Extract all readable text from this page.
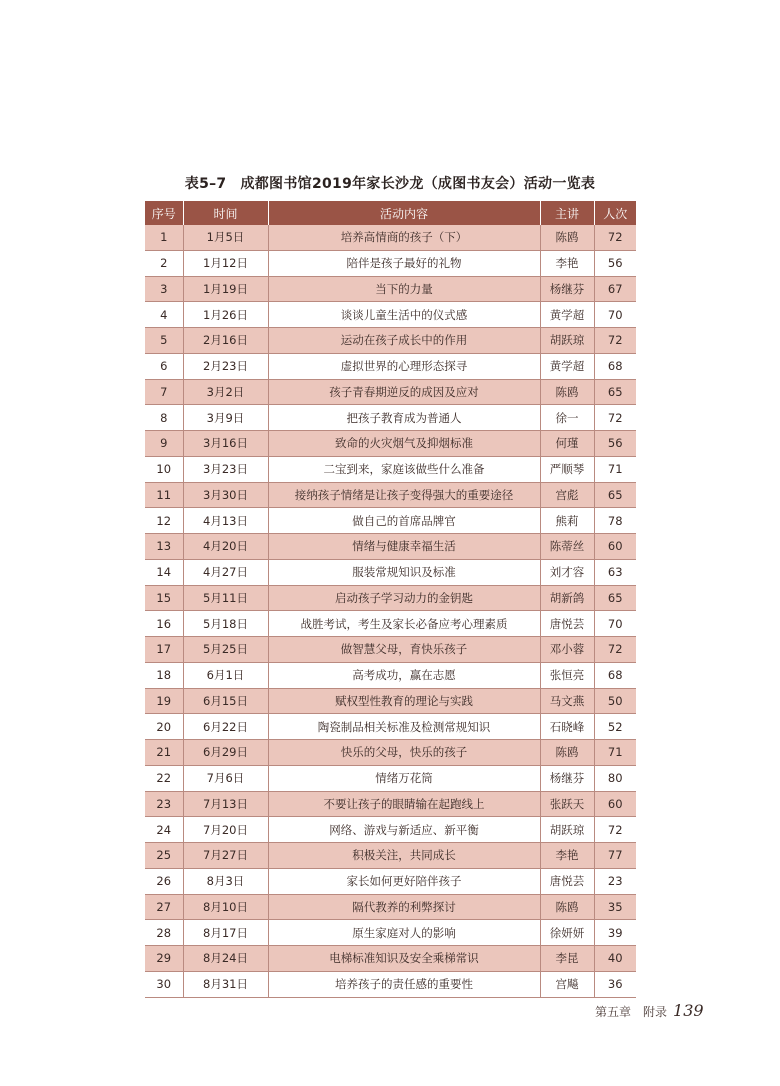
表5–7 成都图书馆2019年家长沙龙（成图书友会）活动一览表
序号	时间	活动内容	主讲	人次
1	1月5日	培养高情商的孩子（下）	陈鸥	72
2	1月12日	陪伴是孩子最好的礼物	李艳	56
3	1月19日	当下的力量	杨继芬	67
4	1月26日	谈谈儿童生活中的仪式感	黄学超	70
5	2月16日	运动在孩子成长中的作用	胡跃琼	72
6	2月23日	虚拟世界的心理形态探寻	黄学超	68
7	3月2日	孩子青春期逆反的成因及应对	陈鸥	65
8	3月9日	把孩子教育成为普通人	徐一	72
9	3月16日	致命的火灾烟气及抑烟标准	何瑾	56
10	3月23日	二宝到来，家庭该做些什么准备	严顺琴	71
11	3月30日	接纳孩子情绪是让孩子变得强大的重要途径	宫彪	65
12	4月13日	做自己的首席品牌官	熊莉	78
13	4月20日	情绪与健康幸福生活	陈蒂丝	60
14	4月27日	服装常规知识及标准	刘才容	63
15	5月11日	启动孩子学习动力的金钥匙	胡新鸽	65
16	5月18日	战胜考试，考生及家长必备应考心理素质	唐悦芸	70
17	5月25日	做智慧父母，育快乐孩子	邓小蓉	72
18	6月1日	高考成功，赢在志愿	张恒亮	68
19	6月15日	赋权型性教育的理论与实践	马文燕	50
20	6月22日	陶瓷制品相关标准及检测常规知识	石晓峰	52
21	6月29日	快乐的父母，快乐的孩子	陈鸥	71
22	7月6日	情绪万花筒	杨继芬	80
23	7月13日	不要让孩子的眼睛输在起跑线上	张跃天	60
24	7月20日	网络、游戏与新适应、新平衡	胡跃琼	72
25	7月27日	积极关注，共同成长	李艳	77
26	8月3日	家长如何更好陪伴孩子	唐悦芸	23
27	8月10日	隔代教养的利弊探讨	陈鸥	35
28	8月17日	原生家庭对人的影响	徐妍妍	39
29	8月24日	电梯标准知识及安全乘梯常识	李昆	40
30	8月31日	培养孩子的责任感的重要性	宫飚	36
第五章　附录 139
